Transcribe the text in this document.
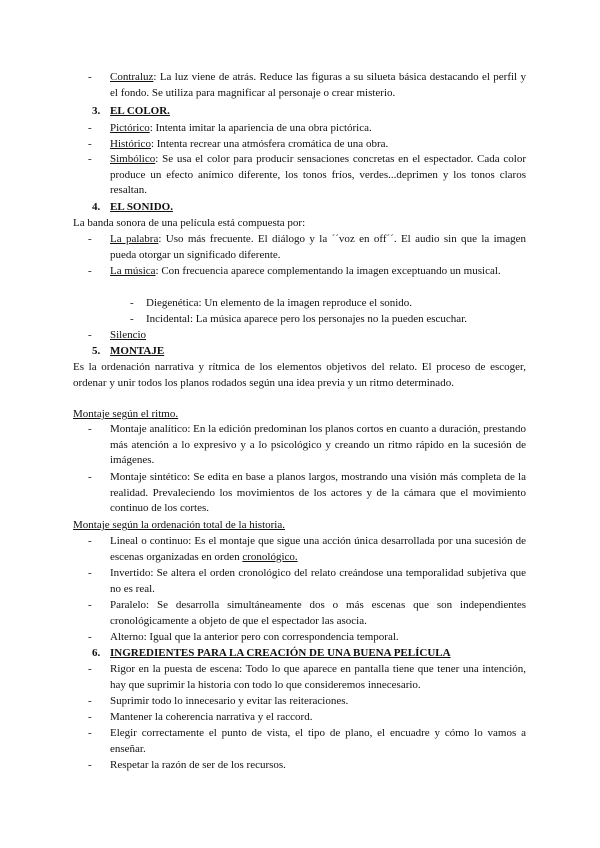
- Contraluz: La luz viene de atrás. Reduce las figuras a su silueta básica destacando el perfil y el fondo. Se utiliza para magnificar al personaje o crear misterio.
3. EL COLOR.
- Pictórico: Intenta imitar la apariencia de una obra pictórica.
- Histórico: Intenta recrear una atmósfera cromática de una obra.
- Simbólico: Se usa el color para producir sensaciones concretas en el espectador. Cada color produce un efecto anímico diferente, los tonos fríos, verdes...deprimen y los tonos claros resaltan.
4. EL SONIDO.
La banda sonora de una película está compuesta por:
- La palabra: Uso más frecuente. El diálogo y la ´´voz en off´´. El audio sin que la imagen pueda otorgar un significado diferente.
- La música: Con frecuencia aparece complementando la imagen exceptuando un musical.
- Diegenética: Un elemento de la imagen reproduce el sonido.
- Incidental: La música aparece pero los personajes no la pueden escuchar.
- Silencio
5. MONTAJE
Es la ordenación narrativa y rítmica de los elementos objetivos del relato. El proceso de escoger, ordenar y unir todos los planos rodados según una idea previa y un ritmo determinado.
Montaje según el ritmo.
- Montaje analítico: En la edición predominan los planos cortos en cuanto a duración, prestando más atención a lo expresivo y a lo psicológico y creando un ritmo rápido en la sucesión de imágenes.
- Montaje sintético: Se edita en base a planos largos, mostrando una visión más completa de la realidad. Prevaleciendo los movimientos de los actores y de la cámara que el movimiento continuo de los cortes.
Montaje según la ordenación total de la historia.
- Lineal o continuo: Es el montaje que sigue una acción única desarrollada por una sucesión de escenas organizadas en orden cronológico.
- Invertido: Se altera el orden cronológico del relato creándose una temporalidad subjetiva que no es real.
- Paralelo: Se desarrolla simultáneamente dos o más escenas que son independientes cronológicamente a objeto de que el espectador las asocia.
- Alterno: Igual que la anterior pero con correspondencia temporal.
6. INGREDIENTES PARA LA CREACIÓN DE UNA BUENA PELÍCULA
- Rigor en la puesta de escena: Todo lo que aparece en pantalla tiene que tener una intención, hay que suprimir la historia con todo lo que consideremos innecesario.
- Suprimir todo lo innecesario y evitar las reiteraciones.
- Mantener la coherencia narrativa y el raccord.
- Elegir correctamente el punto de vista, el tipo de plano, el encuadre y cómo lo vamos a enseñar.
- Respetar la razón de ser de los recursos.
